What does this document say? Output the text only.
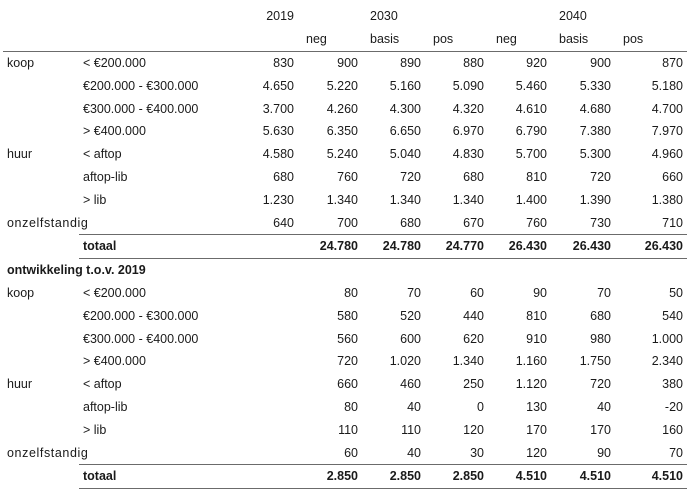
		2019		2030			2040	
			neg	basis	pos	neg	basis	pos
koop	< €200.000	830	900	890	880	920	900	870
	€200.000 - €300.000	4.650	5.220	5.160	5.090	5.460	5.330	5.180
	€300.000 - €400.000	3.700	4.260	4.300	4.320	4.610	4.680	4.700
	> €400.000	5.630	6.350	6.650	6.970	6.790	7.380	7.970
huur	< aftop	4.580	5.240	5.040	4.830	5.700	5.300	4.960
	aftop-lib	680	760	720	680	810	720	660
	> lib	1.230	1.340	1.340	1.340	1.400	1.390	1.380
onzelfstandig		640	700	680	670	760	730	710
	totaal		24.780	24.780	24.770	26.430	26.430	26.430
ontwikkeling t.o.v. 2019								
koop	< €200.000		80	70	60	90	70	50
	€200.000 - €300.000		580	520	440	810	680	540
	€300.000 - €400.000		560	600	620	910	980	1.000
	> €400.000		720	1.020	1.340	1.160	1.750	2.340
huur	< aftop		660	460	250	1.120	720	380
	aftop-lib		80	40	0	130	40	-20
	> lib		110	110	120	170	170	160
onzelfstandig			60	40	30	120	90	70
	totaal		2.850	2.850	2.850	4.510	4.510	4.510
